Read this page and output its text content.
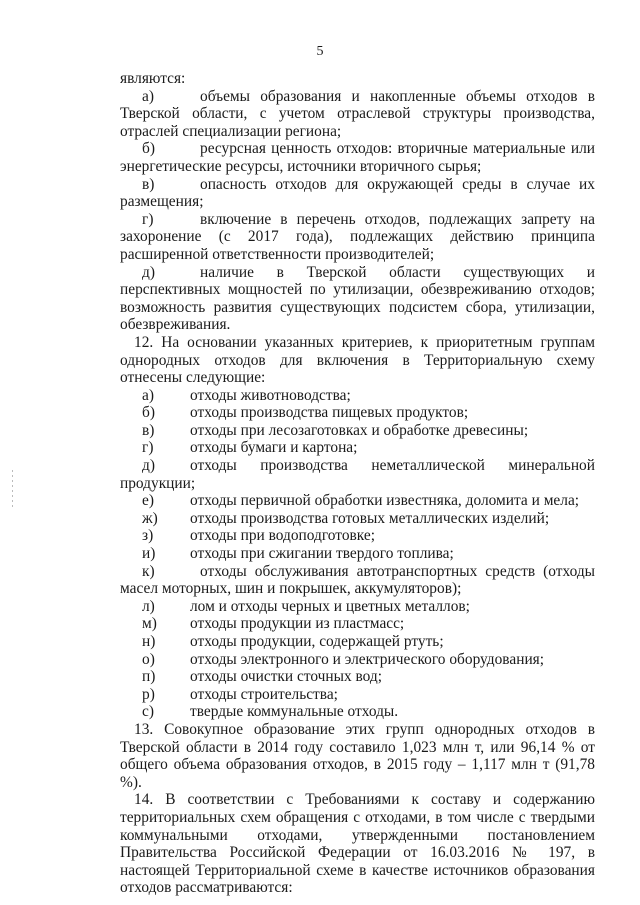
5

являются:

а)	объемы образования и накопленные объемы отходов в Тверской области, с учетом отраслевой структуры производства, отраслей специализации региона;

б)	ресурсная ценность отходов: вторичные материальные или энергетические ресурсы, источники вторичного сырья;

в)	опасность отходов для окружающей среды в случае их размещения;

г)	включение в перечень отходов, подлежащих запрету на захоронение (с 2017 года), подлежащих действию принципа расширенной ответственности производителей;

д)	наличие в Тверской области существующих и перспективных мощностей по утилизации, обезвреживанию отходов; возможность развития существующих подсистем сбора, утилизации, обезвреживания.

12. На основании указанных критериев, к приоритетным группам однородных отходов для включения в Территориальную схему отнесены следующие:

а) отходы животноводства;

б) отходы производства пищевых продуктов;

в) отходы при лесозаготовках и обработке древесины;

г) отходы бумаги и картона;

д) отходы производства неметаллической минеральной продукции;

е) отходы первичной обработки известняка, доломита и мела;

ж) отходы производства готовых металлических изделий;

з) отходы при водоподготовке;

и) отходы при сжигании твердого топлива;

к)	отходы обслуживания автотранспортных средств (отходы масел моторных, шин и покрышек, аккумуляторов);

л) лом и отходы черных и цветных металлов;

м) отходы продукции из пластмасс;

н) отходы продукции, содержащей ртуть;

о) отходы электронного и электрического оборудования;

п) отходы очистки сточных вод;

р) отходы строительства;

с) твердые коммунальные отходы.

13. Совокупное образование этих групп однородных отходов в Тверской области в 2014 году составило 1,023 млн т, или 96,14 % от общего объема образования отходов, в 2015 году – 1,117 млн т (91,78 %).

14. В соответствии с Требованиями к составу и содержанию территориальных схем обращения с отходами, в том числе с твердыми коммунальными отходами, утвержденными постановлением Правительства Российской Федерации от 16.03.2016 № 197, в настоящей Территориальной схеме в качестве источников образования отходов рассматриваются:
